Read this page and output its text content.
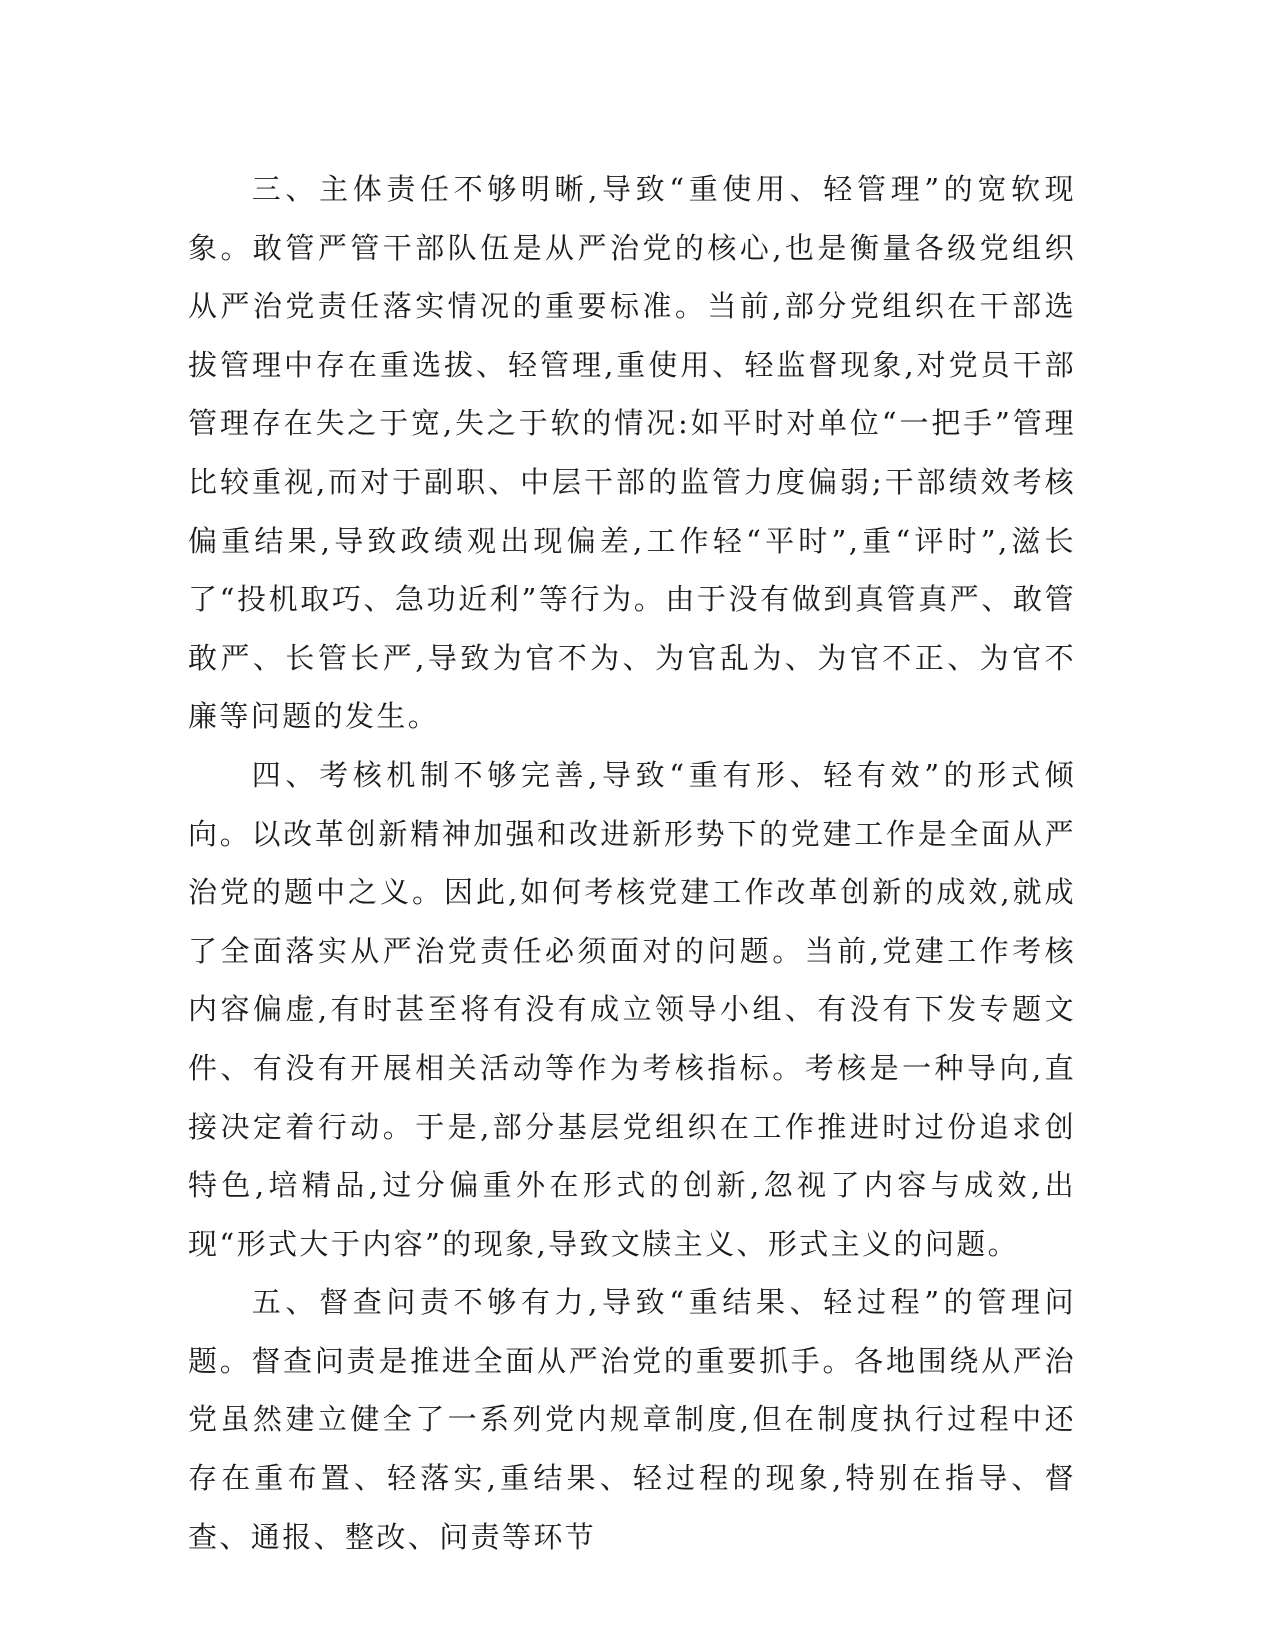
三、主体责任不够明晰,导致“重使用、轻管理”的宽软现象。敢管严管干部队伍是从严治党的核心,也是衡量各级党组织从严治党责任落实情况的重要标准。当前,部分党组织在干部选拔管理中存在重选拔、轻管理,重使用、轻监督现象,对党员干部管理存在失之于宽,失之于软的情况:如平时对单位“一把手”管理比较重视,而对于副职、中层干部的监管力度偏弱;干部绩效考核偏重结果,导致政绩观出现偏差,工作轻“平时”,重“评时”,滋长了“投机取巧、急功近利”等行为。由于没有做到真管真严、敢管敢严、长管长严,导致为官不为、为官乱为、为官不正、为官不廉等问题的发生。

四、考核机制不够完善,导致“重有形、轻有效”的形式倾向。以改革创新精神加强和改进新形势下的党建工作是全面从严治党的题中之义。因此,如何考核党建工作改革创新的成效,就成了全面落实从严治党责任必须面对的问题。当前,党建工作考核内容偏虚,有时甚至将有没有成立领导小组、有没有下发专题文件、有没有开展相关活动等作为考核指标。考核是一种导向,直接决定着行动。于是,部分基层党组织在工作推进时过份追求创特色,培精品,过分偏重外在形式的创新,忽视了内容与成效,出现“形式大于内容”的现象,导致文牍主义、形式主义的问题。

五、督查问责不够有力,导致“重结果、轻过程”的管理问题。督查问责是推进全面从严治党的重要抓手。各地围绕从严治党虽然建立健全了一系列党内规章制度,但在制度执行过程中还存在重布置、轻落实,重结果、轻过程的现象,特别在指导、督查、通报、整改、问责等环节
